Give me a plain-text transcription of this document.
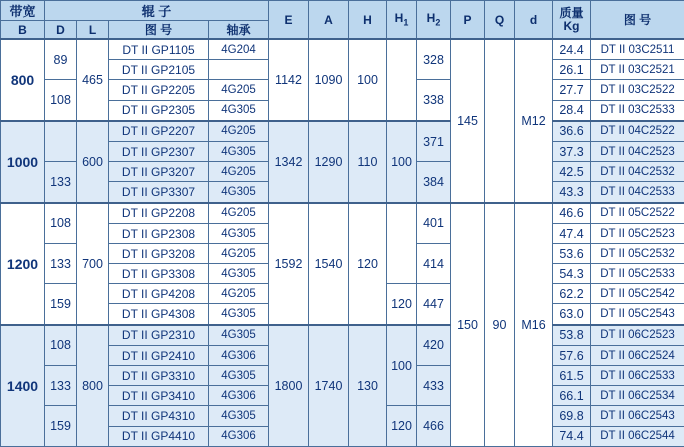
带宽	辊 子				E	A	H	$H_1$	$H_2$	P	Q	d	质量
Kg	图 号
B	D	L	图 号	轴承										
800	89	465	DT II GP1105	4G204	1142	1090	100		328	145		M12	24.4	DT II 03C2511
			DT II GP2105										26.1	DT II 03C2521
	108		DT II GP2205	4G205					338				27.7	DT II 03C2522
			DT II GP2305	4G305									28.4	DT II 03C2533
1000		600	DT II GP2207	4G205	1342	1290	110	100	371				36.6	DT II 04C2522
			DT II GP2307	4G305									37.3	DT II 04C2523
	133		DT II GP3207	4G205					384				42.5	DT II 04C2532
			DT II GP3307	4G305									43.3	DT II 04C2533
1200	108	700	DT II GP2208	4G205	1592	1540	120		401	150	90	M16	46.6	DT II 05C2522
			DT II GP2308	4G305									47.4	DT II 05C2523
	133		DT II GP3208	4G205					414				53.6	DT II 05C2532
			DT II GP3308	4G305									54.3	DT II 05C2533
	159		DT II GP4208	4G205				120	447				62.2	DT II 05C2542
			DT II GP4308	4G305									63.0	DT II 05C2543
1400	108	800	DT II GP2310	4G305	1800	1740	130	100	420				53.8	DT II 06C2523
			DT II GP2410	4G306									57.6	DT II 06C2524
	133		DT II GP3310	4G305					433				61.5	DT II 06C2533
			DT II GP3410	4G306									66.1	DT II 06C2534
	159		DT II GP4310	4G305				120	466				69.8	DT II 06C2543
			DT II GP4410	4G306									74.4	DT II 06C2544
